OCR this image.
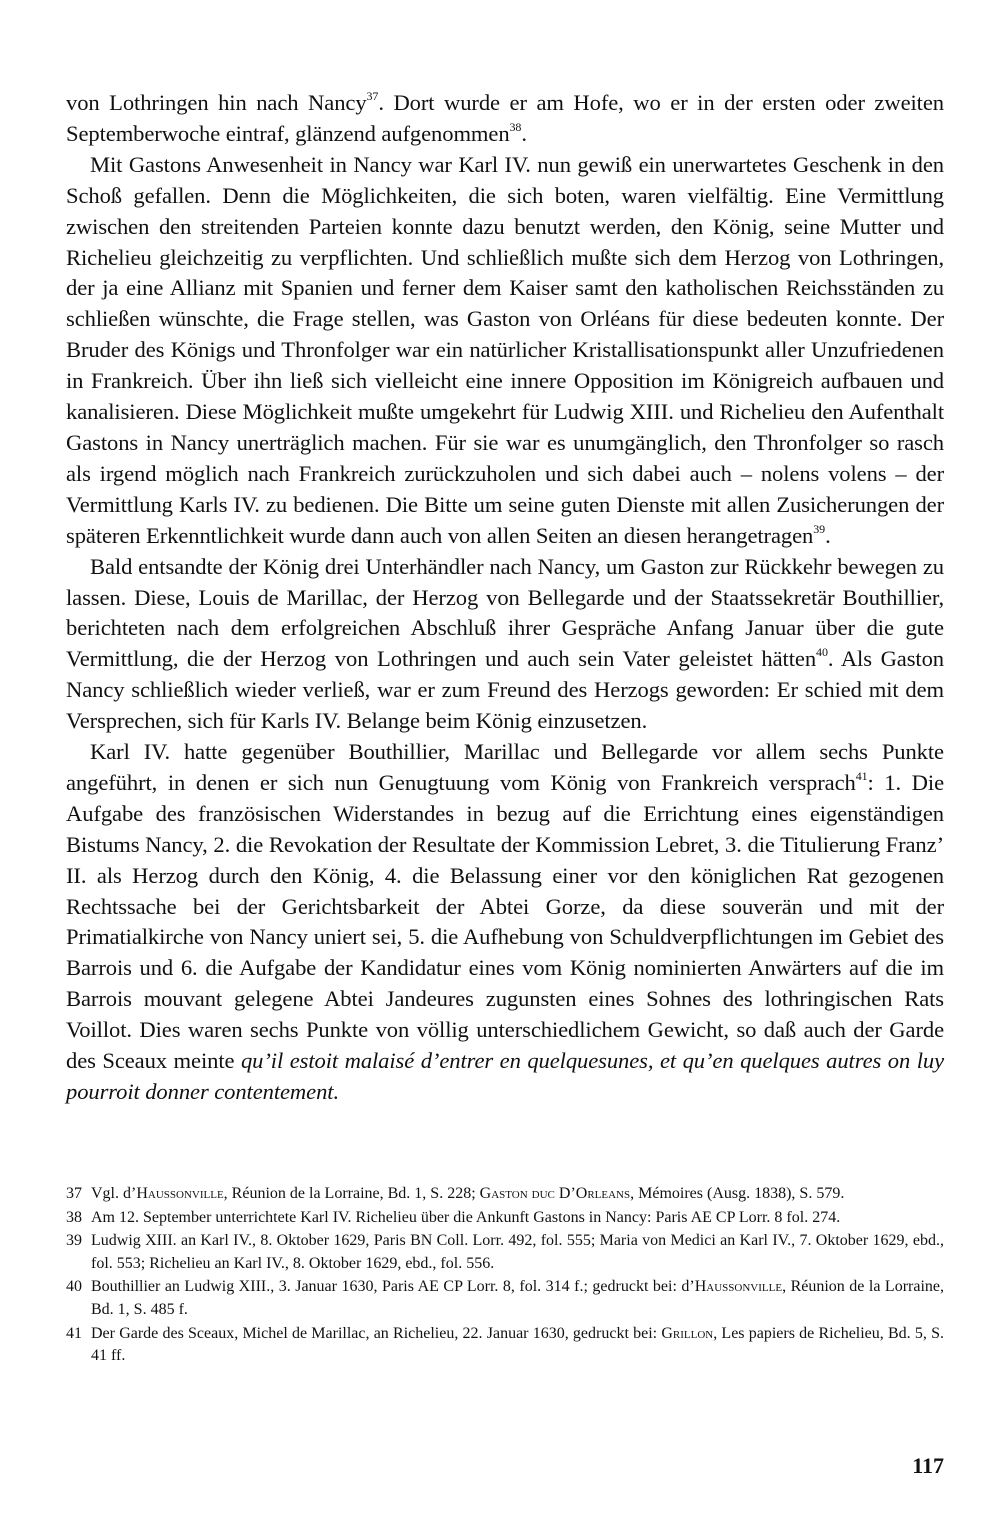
von Lothringen hin nach Nancy$^{37}$. Dort wurde er am Hofe, wo er in der ersten oder zweiten Septemberwoche eintraf, glänzend aufgenommen$^{38}$.

Mit Gastons Anwesenheit in Nancy war Karl IV. nun gewiß ein unerwartetes Geschenk in den Schoß gefallen. Denn die Möglichkeiten, die sich boten, waren vielfältig. Eine Vermittlung zwischen den streitenden Parteien konnte dazu benutzt werden, den König, seine Mutter und Richelieu gleichzeitig zu verpflichten. Und schließlich mußte sich dem Herzog von Lothringen, der ja eine Allianz mit Spanien und ferner dem Kaiser samt den katholischen Reichsständen zu schließen wünschte, die Frage stellen, was Gaston von Orléans für diese bedeuten konnte. Der Bruder des Königs und Thronfolger war ein natürlicher Kristallisationspunkt aller Unzufriedenen in Frankreich. Über ihn ließ sich vielleicht eine innere Opposition im Königreich aufbauen und kanalisieren. Diese Möglichkeit mußte umgekehrt für Ludwig XIII. und Richelieu den Aufenthalt Gastons in Nancy unerträglich machen. Für sie war es unumgänglich, den Thronfolger so rasch als irgend möglich nach Frankreich zurückzuholen und sich dabei auch – nolens volens – der Vermittlung Karls IV. zu bedienen. Die Bitte um seine guten Dienste mit allen Zusicherungen der späteren Erkenntlichkeit wurde dann auch von allen Seiten an diesen herangetragen$^{39}$.

Bald entsandte der König drei Unterhändler nach Nancy, um Gaston zur Rückkehr bewegen zu lassen. Diese, Louis de Marillac, der Herzog von Bellegarde und der Staatssekretär Bouthillier, berichteten nach dem erfolgreichen Abschluß ihrer Gespräche Anfang Januar über die gute Vermittlung, die der Herzog von Lothringen und auch sein Vater geleistet hätten$^{40}$. Als Gaston Nancy schließlich wieder verließ, war er zum Freund des Herzogs geworden: Er schied mit dem Versprechen, sich für Karls IV. Belange beim König einzusetzen.

Karl IV. hatte gegenüber Bouthillier, Marillac und Bellegarde vor allem sechs Punkte angeführt, in denen er sich nun Genugtuung vom König von Frankreich versprach$^{41}$: 1. Die Aufgabe des französischen Widerstandes in bezug auf die Errichtung eines eigenständigen Bistums Nancy, 2. die Revokation der Resultate der Kommission Lebret, 3. die Titulierung Franz’ II. als Herzog durch den König, 4. die Belassung einer vor den königlichen Rat gezogenen Rechtssache bei der Gerichtsbarkeit der Abtei Gorze, da diese souverän und mit der Primatialkirche von Nancy uniert sei, 5. die Aufhebung von Schuldverpflichtungen im Gebiet des Barrois und 6. die Aufgabe der Kandidatur eines vom König nominierten Anwärters auf die im Barrois mouvant gelegene Abtei Jandeures zugunsten eines Sohnes des lothringischen Rats Voillot. Dies waren sechs Punkte von völlig unterschiedlichem Gewicht, so daß auch der Garde des Sceaux meinte qu’il estoit malaisé d’entrer en quelquesunes, et qu’en quelques autres on luy pourroit donner contentement.

37 Vgl. d’Haussonville, Réunion de la Lorraine, Bd. 1, S. 228; Gaston duc D’Orleans, Mémoires (Ausg. 1838), S. 579.
38 Am 12. September unterrichtete Karl IV. Richelieu über die Ankunft Gastons in Nancy: Paris AE CP Lorr. 8 fol. 274.
39 Ludwig XIII. an Karl IV., 8. Oktober 1629, Paris BN Coll. Lorr. 492, fol. 555; Maria von Medici an Karl IV., 7. Oktober 1629, ebd., fol. 553; Richelieu an Karl IV., 8. Oktober 1629, ebd., fol. 556.
40 Bouthillier an Ludwig XIII., 3. Januar 1630, Paris AE CP Lorr. 8, fol. 314 f.; gedruckt bei: d’Haussonville, Réunion de la Lorraine, Bd. 1, S. 485 f.
41 Der Garde des Sceaux, Michel de Marillac, an Richelieu, 22. Januar 1630, gedruckt bei: Grillon, Les papiers de Richelieu, Bd. 5, S. 41 ff.
117
